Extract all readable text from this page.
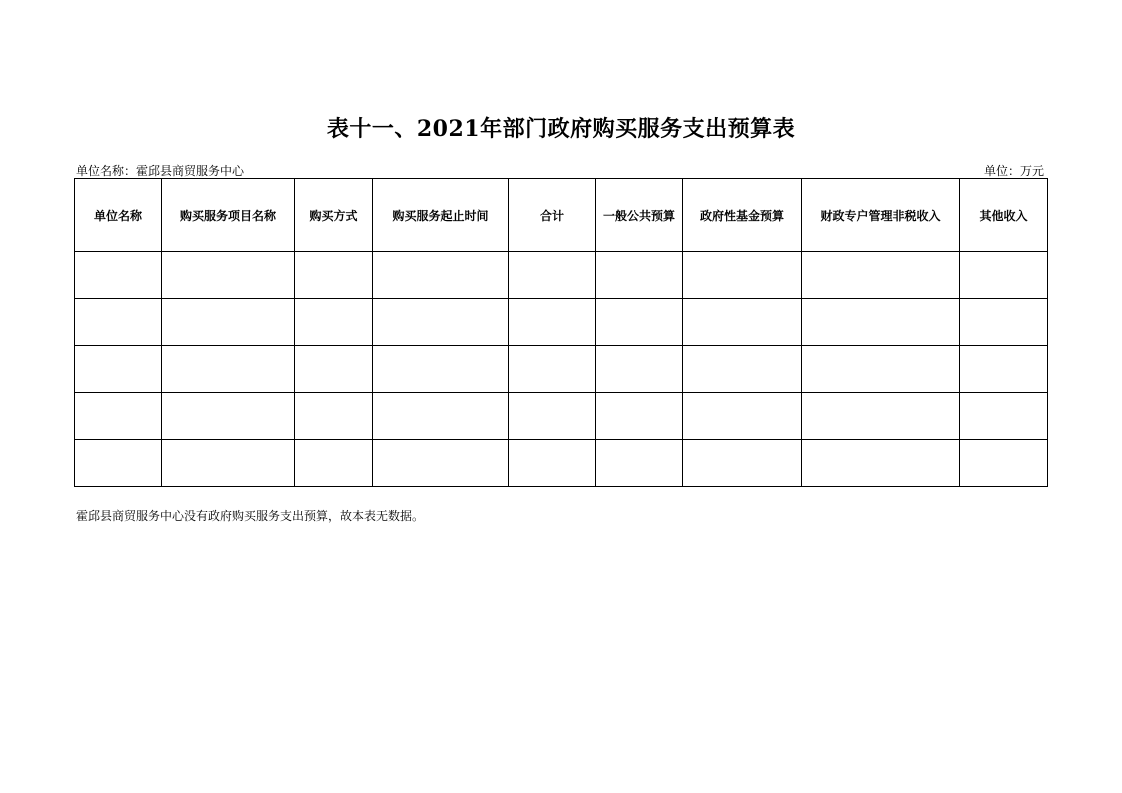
表十一、2021年部门政府购买服务支出预算表
单位名称：霍邱县商贸服务中心	单位：万元
单位名称	购买服务项目名称	购买方式	购买服务起止时间	合计	一般公共预算	政府性基金预算	财政专户管理非税收入	其他收入

霍邱县商贸服务中心没有政府购买服务支出预算，故本表无数据。
